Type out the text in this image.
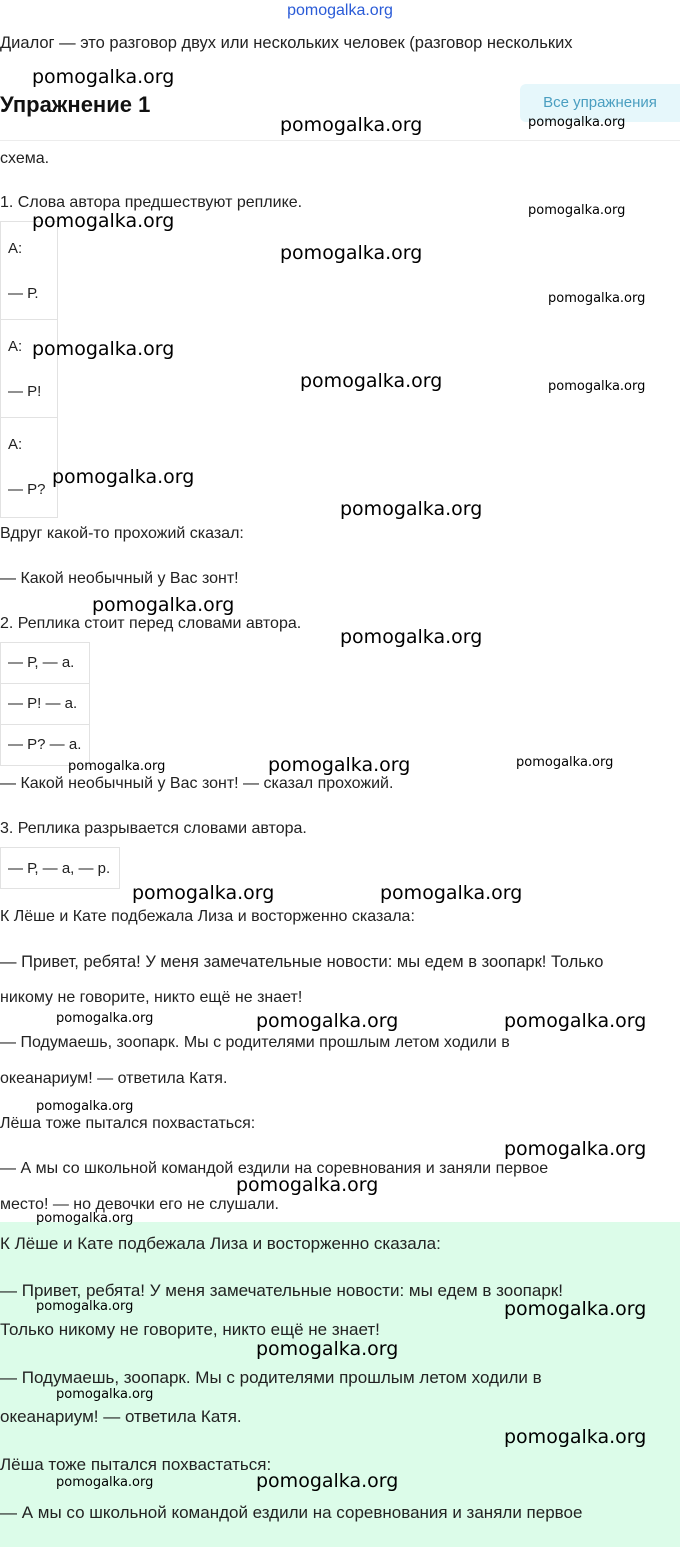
pomogalka.org
Диалог — это разговор двух или нескольких человек (разговор нескольких
Упражнение 1	Все упражнения
схема.
1. Слова автора предшествуют реплике.
А:
— Р.
А:
— Р!
А:
— Р?
Вдруг какой-то прохожий сказал:
— Какой необычный у Вас зонт!
2. Реплика стоит перед словами автора.
— Р, — а.
— Р! — а.
— Р? — а.
— Какой необычный у Вас зонт! — сказал прохожий.
3. Реплика разрывается словами автора.
— Р, — а, — р.
К Лёше и Кате подбежала Лиза и восторженно сказала:
— Привет, ребята! У меня замечательные новости: мы едем в зоопарк! Только
никому не говорите, никто ещё не знает!
— Подумаешь, зоопарк. Мы с родителями прошлым летом ходили в
океанариум! — ответила Катя.
Лёша тоже пытался похвастаться:
— А мы со школьной командой ездили на соревнования и заняли первое
место! — но девочки его не слушали.
К Лёше и Кате подбежала Лиза и восторженно сказала:
— Привет, ребята! У меня замечательные новости: мы едем в зоопарк!
Только никому не говорите, никто ещё не знает!
— Подумаешь, зоопарк. Мы с родителями прошлым летом ходили в
океанариум! — ответила Катя.
Лёша тоже пытался похвастаться:
— А мы со школьной командой ездили на соревнования и заняли первое
pomogalka.org
pomogalka.org	pomogalka.org
pomogalka.org	pomogalka.org
pomogalka.org
pomogalka.org
pomogalka.org
pomogalka.org	pomogalka.org
pomogalka.org
pomogalka.org
pomogalka.org
pomogalka.org
pomogalka.org	pomogalka.org	pomogalka.org
pomogalka.org	pomogalka.org
pomogalka.org	pomogalka.org	pomogalka.org
pomogalka.org
pomogalka.org
pomogalka.org
pomogalka.org
pomogalka.org	pomogalka.org
pomogalka.org
pomogalka.org
pomogalka.org
pomogalka.org	pomogalka.org
